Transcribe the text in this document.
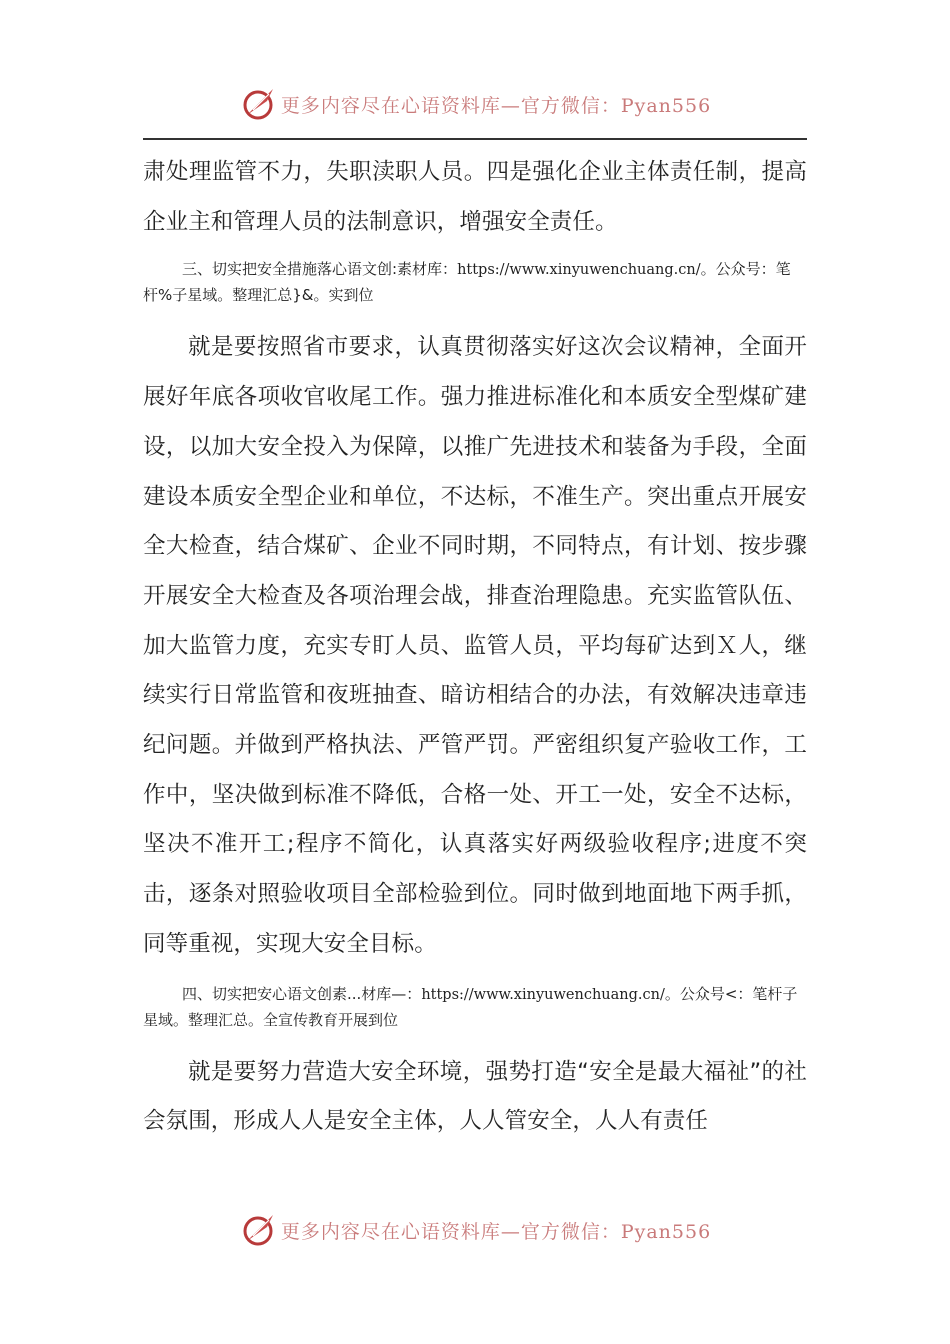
更多内容尽在心语资料库—官方微信：Pyan556

肃处理监管不力，失职渎职人员。四是强化企业主体责任制，提高企业主和管理人员的法制意识，增强安全责任。

三、切实把安全措施落心语文创:素材库：https://www.xinyuwenchuang.cn/。公众号：笔杆%子星域。整理汇总}&。实到位

就是要按照省市要求，认真贯彻落实好这次会议精神，全面开展好年底各项收官收尾工作。强力推进标准化和本质安全型煤矿建设，以加大安全投入为保障，以推广先进技术和装备为手段，全面建设本质安全型企业和单位，不达标，不准生产。突出重点开展安全大检查，结合煤矿、企业不同时期，不同特点，有计划、按步骤开展安全大检查及各项治理会战，排查治理隐患。充实监管队伍、加大监管力度，充实专盯人员、监管人员，平均每矿达到Ｘ人，继续实行日常监管和夜班抽查、暗访相结合的办法，有效解决违章违纪问题。并做到严格执法、严管严罚。严密组织复产验收工作，工作中，坚决做到标准不降低，合格一处、开工一处，安全不达标，坚决不准开工;程序不简化，认真落实好两级验收程序;进度不突击，逐条对照验收项目全部检验到位。同时做到地面地下两手抓，同等重视，实现大安全目标。

四、切实把安心语文创素...材库—：https://www.xinyuwenchuang.cn/。公众号<：笔杆子星域。整理汇总。全宣传教育开展到位

就是要努力营造大安全环境，强势打造“安全是最大福祉”的社会氛围，形成人人是安全主体，人人管安全，人人有责任

更多内容尽在心语资料库—官方微信：Pyan556
